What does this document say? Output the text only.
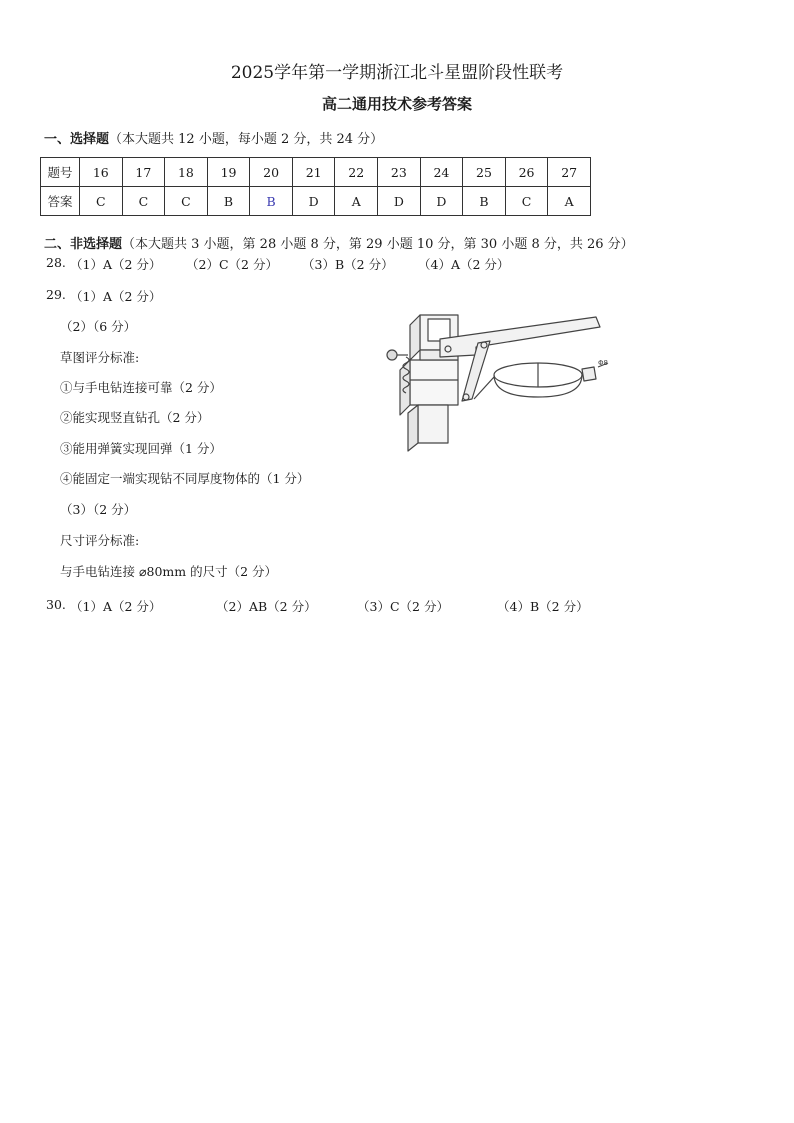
2025学年第一学期浙江北斗星盟阶段性联考
高二通用技术参考答案
一、选择题（本大题共 12 小题，每小题 2 分，共 24 分）
题号	16	17	18	19	20	21	22	23	24	25	26	27
答案	C	C	C	B	B	D	A	D	D	B	C	A
二、非选择题（本大题共 3 小题，第 28 小题 8 分，第 29 小题 10 分，第 30 小题 8 分，共 26 分）
28. （1）A（2 分） （2）C（2 分） （3）B（2 分） （4）A（2 分）
29. （1）A（2 分）
（2）（6 分）
草图评分标准:
①与手电钻连接可靠（2 分）
②能实现竖直钻孔（2 分）
③能用弹簧实现回弹（1 分）
④能固定一端实现钻不同厚度物体的（1 分）
（3）（2 分）
尺寸评分标准:
与手电钻连接 ⌀80mm 的尺寸（2 分）
30. （1）A（2 分）	（2）AB（2 分）	（3）C（2 分）	（4）B（2 分）
Φ8
